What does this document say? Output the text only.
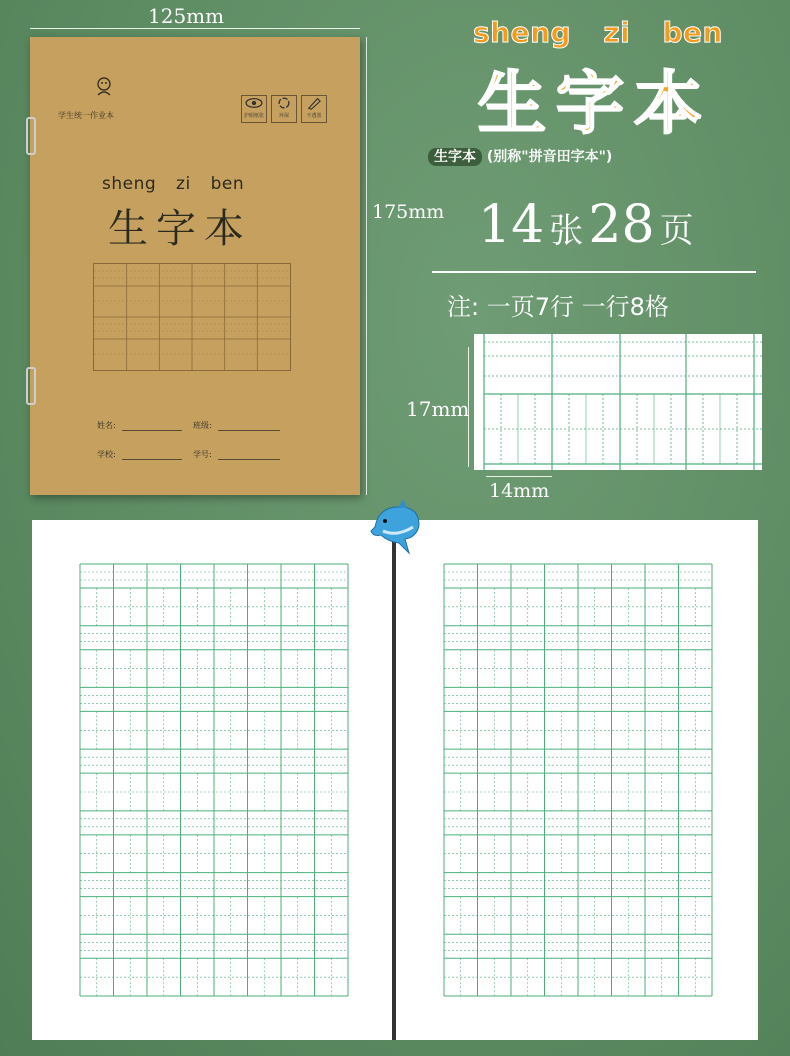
125mm
175mm
学生统一作业本	护眼纸张	环保	不透墨
sheng zi ben
生字本
姓名:	班级:
学校:	学号:
sheng zi ben
生字本
生字本 (别称"拼音田字本")
14 张 28 页
注: 一页7行 一行8格
17mm
14mm
